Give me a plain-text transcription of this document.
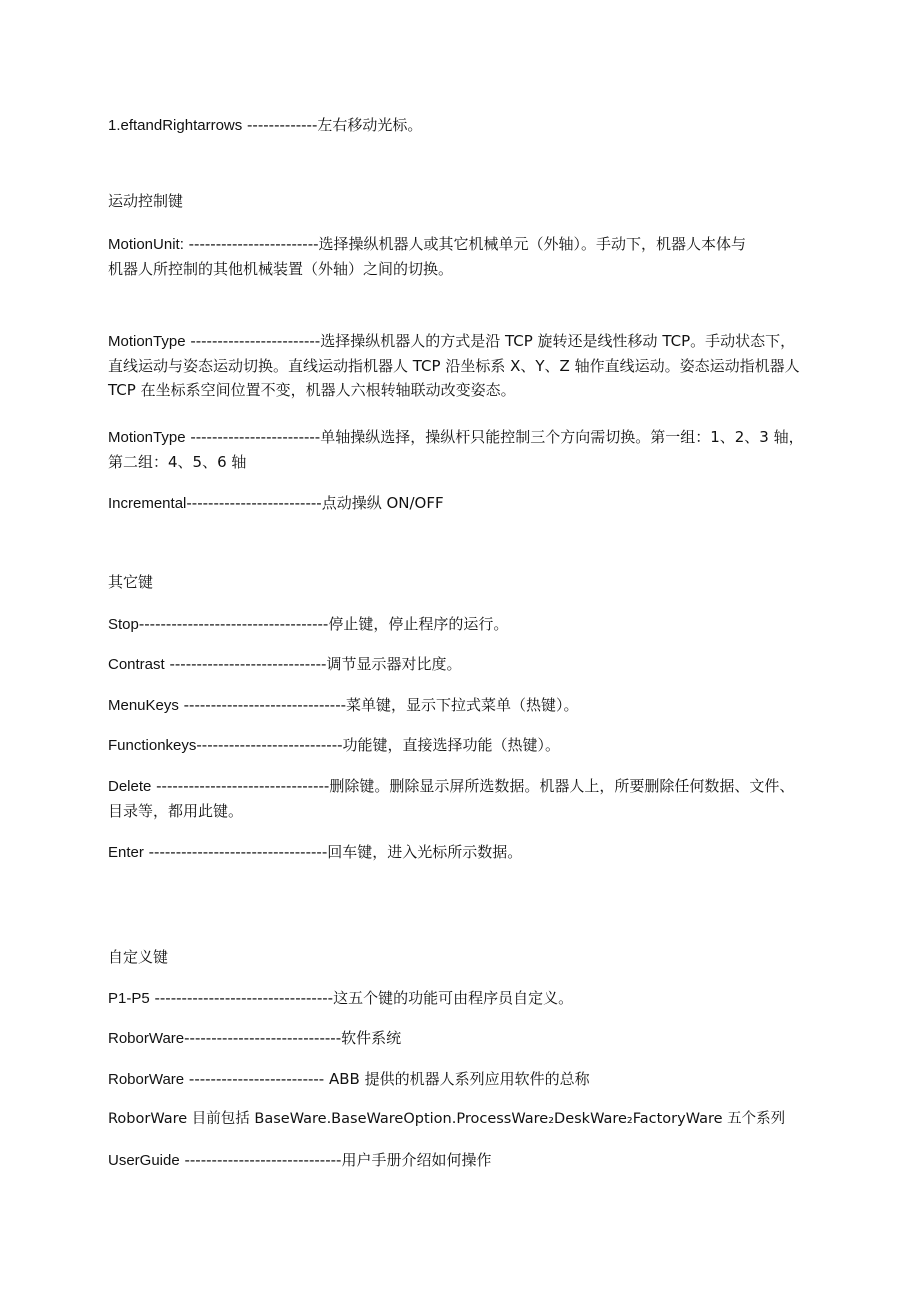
1.eftandRightarrows -------------左右移动光标。

运动控制键

MotionUnit: ------------------------选择操纵机器人或其它机械单元（外轴）。手动下，机器人本体与
机器人所控制的其他机械装置（外轴）之间的切换。

MotionType ------------------------选择操纵机器人的方式是沿 TCP 旋转还是线性移动 TCP。手动状态下，直线运动与姿态运动切换。直线运动指机器人 TCP 沿坐标系 X、Y、Z 轴作直线运动。姿态运动指机器人 TCP 在坐标系空间位置不变，机器人六根转轴联动改变姿态。

MotionType ------------------------单轴操纵选择，操纵杆只能控制三个方向需切换。第一组：1、2、3 轴，第二组：4、5、6 轴

Incremental-------------------------点动操纵 ON/OFF

其它键

Stop-----------------------------------停止键，停止程序的运行。

Contrast -----------------------------调节显示器对比度。

MenuKeys ------------------------------菜单键，显示下拉式菜单（热键）。

Functionkeys---------------------------功能键，直接选择功能（热键）。

Delete --------------------------------删除键。删除显示屏所选数据。机器人上，所要删除任何数据、文件、目录等，都用此键。

Enter ---------------------------------回车键，进入光标所示数据。

自定义键

P1-P5 ---------------------------------这五个键的功能可由程序员自定义。

RoborWare-----------------------------软件系统

RoborWare ------------------------- ABB 提供的机器人系列应用软件的总称

RoborWare 目前包括 BaseWare.BaseWareOption.ProcessWare₂DeskWare₂FactoryWare 五个系列

UserGuide -----------------------------用户手册介绍如何操作
